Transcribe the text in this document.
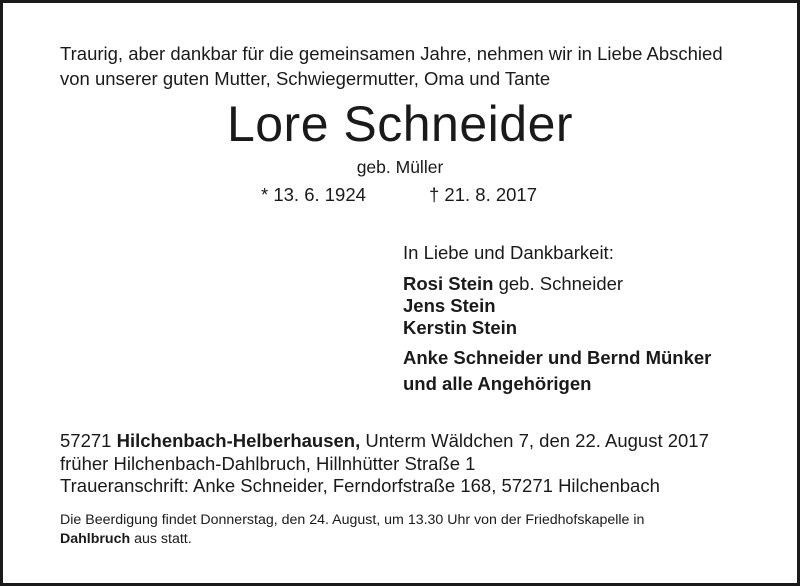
Traurig, aber dankbar für die gemeinsamen Jahre, nehmen wir in Liebe Abschied
von unserer guten Mutter, Schwiegermutter, Oma und Tante
Lore Schneider
geb. Müller
* 13. 6. 1924	† 21. 8. 2017
In Liebe und Dankbarkeit:
Rosi Stein geb. Schneider
Jens Stein
Kerstin Stein
Anke Schneider und Bernd Münker
und alle Angehörigen
57271 Hilchenbach-Helberhausen, Unterm Wäldchen 7, den 22. August 2017
früher Hilchenbach-Dahlbruch, Hillnhütter Straße 1
Traueranschrift: Anke Schneider, Ferndorfstraße 168, 57271 Hilchenbach
Die Beerdigung findet Donnerstag, den 24. August, um 13.30 Uhr von der Friedhofskapelle in
Dahlbruch aus statt.
